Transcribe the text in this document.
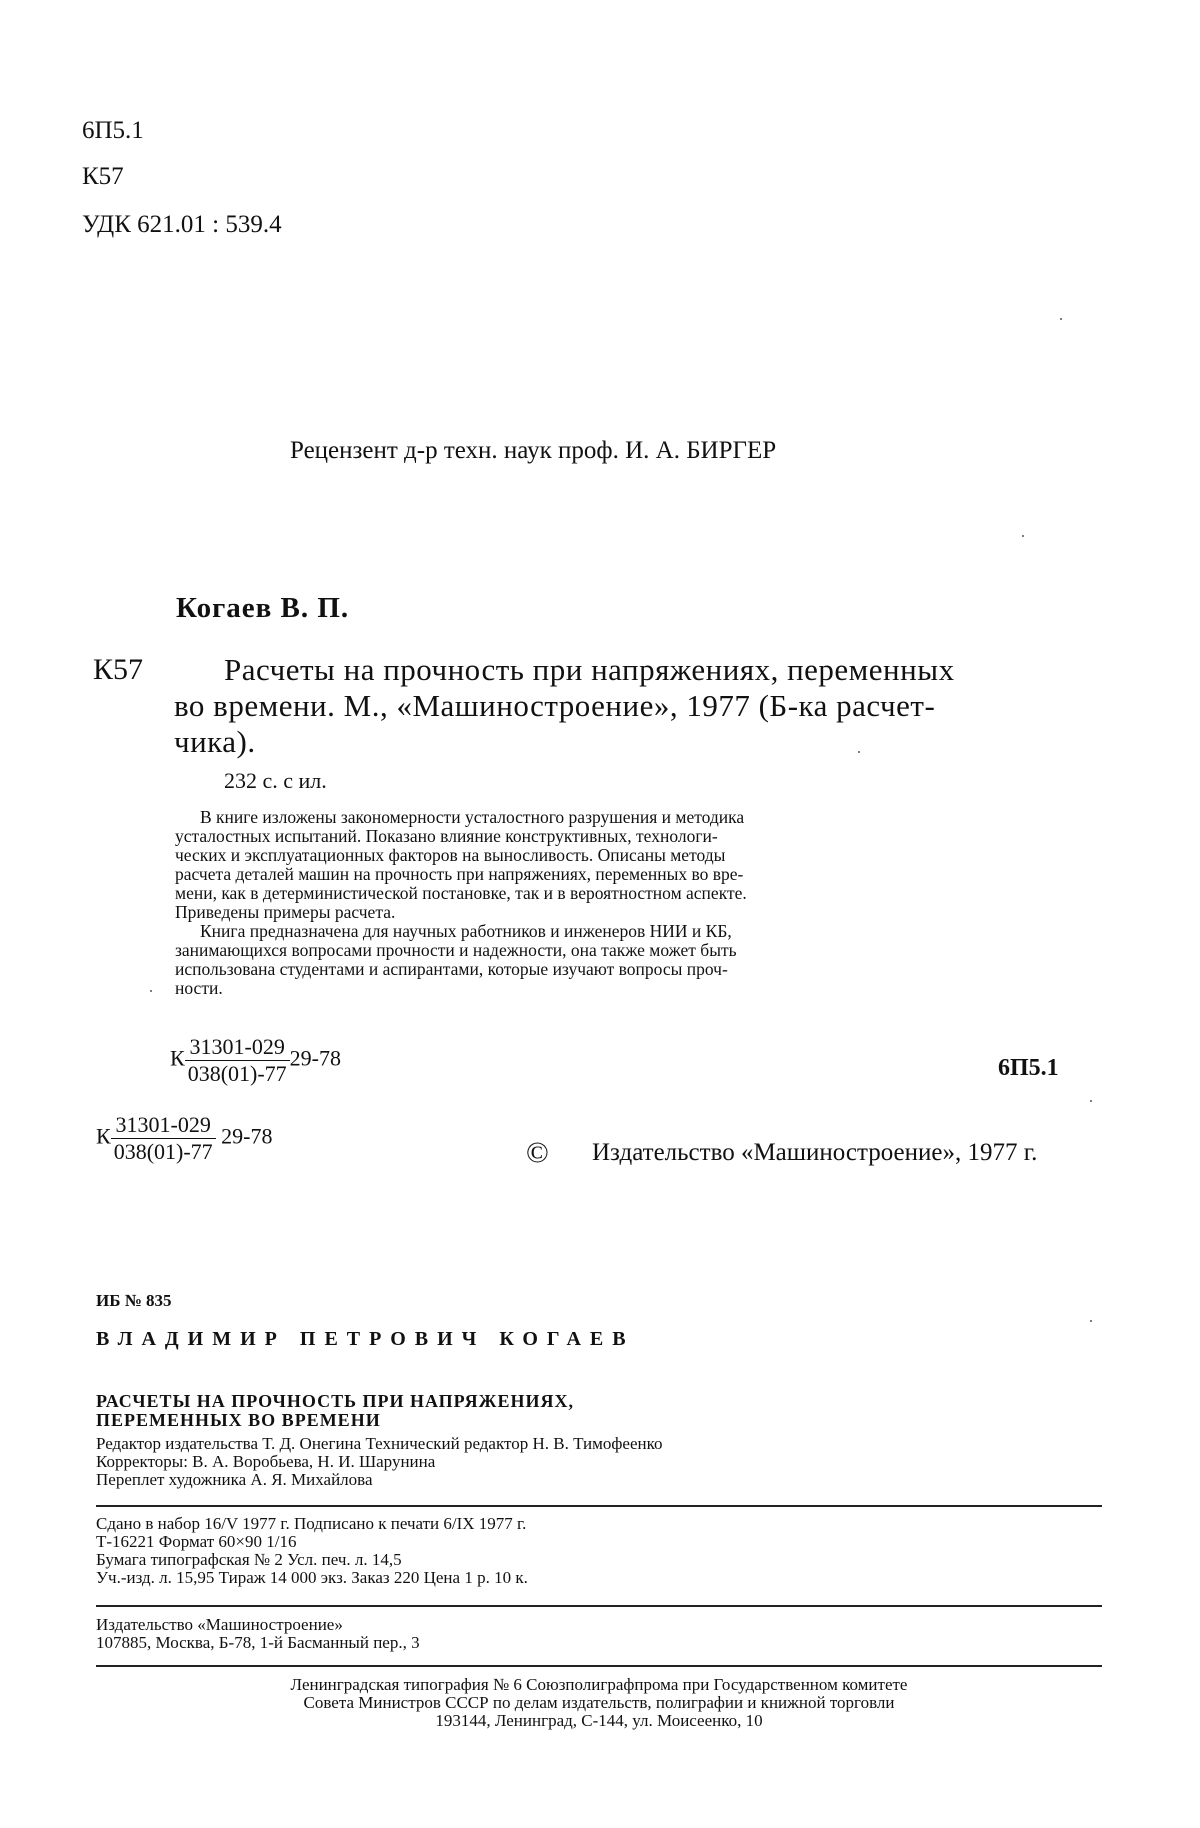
6П5.1
К57
УДК 621.01 : 539.4
Рецензент д-р техн. наук проф. И. А. БИРГЕР
Когаев В. П.
К57	Расчеты на прочность при напряжениях, переменных
во времени. М., «Машиностроение», 1977 (Б-ка расчет-
чика).
232 с. с ил.
В книге изложены закономерности усталостного разрушения и методика
усталостных испытаний. Показано влияние конструктивных, технологи-
ческих и эксплуатационных факторов на выносливость. Описаны методы
расчета деталей машин на прочность при напряжениях, переменных во вре-
мени, как в детерминистической постановке, так и в вероятностном аспекте.
Приведены примеры расчета.
Книга предназначена для научных работников и инженеров НИИ и КБ,
занимающихся вопросами прочности и надежности, она также может быть
использована студентами и аспирантами, которые изучают вопросы проч-
ности.
К $\frac{31301-029}{038(01)-77} 29-78$	6П5.1
К $\frac{31301-029}{038(01)-77} 29-78$	© Издательство «Машиностроение», 1977 г.
ИБ № 835
ВЛАДИМИР ПЕТРОВИЧ КОГАЕВ
РАСЧЕТЫ НА ПРОЧНОСТЬ ПРИ НАПРЯЖЕНИЯХ,
ПЕРЕМЕННЫХ ВО ВРЕМЕНИ
Редактор издательства Т. Д. Онегина Технический редактор Н. В. Тимофеенко
Корректоры: В. А. Воробьева, Н. И. Шарунина
Переплет художника А. Я. Михайлова
Сдано в набор 16/V 1977 г. Подписано к печати 6/IX 1977 г.
Т-16221 Формат 60×90 1/16
Бумага типографская № 2 Усл. печ. л. 14,5
Уч.-изд. л. 15,95 Тираж 14 000 экз. Заказ 220 Цена 1 р. 10 к.
Издательство «Машиностроение»
107885, Москва, Б-78, 1-й Басманный пер., 3
Ленинградская типография № 6 Союзполиграфпрома при Государственном комитете
Совета Министров СССР по делам издательств, полиграфии и книжной торговли
193144, Ленинград, С-144, ул. Моисеенко, 10
